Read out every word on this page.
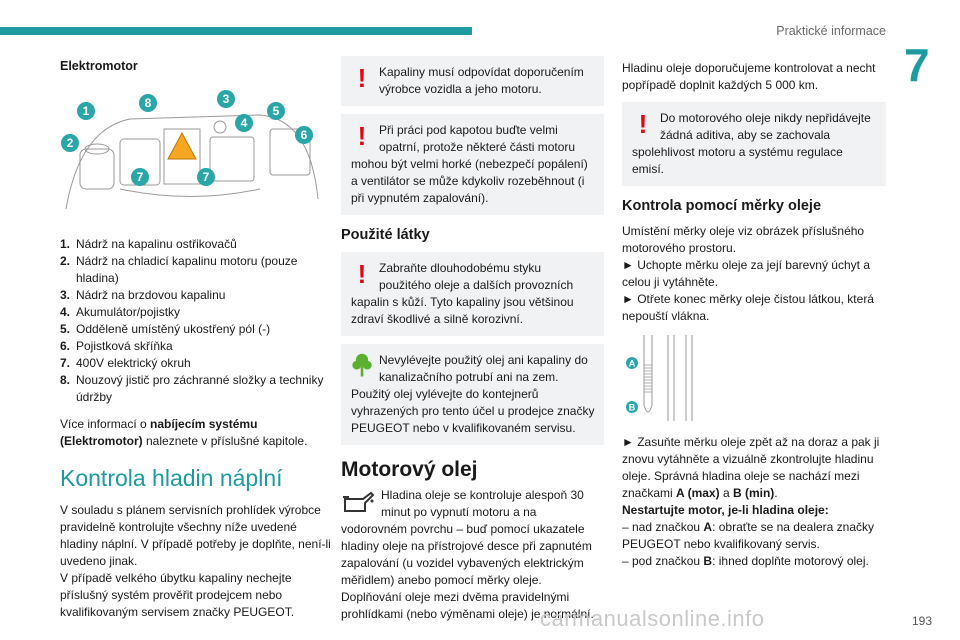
Praktické informace
7

Elektromotor

1
2
8	3
5
4
6
7	7
1. Nádrž na kapalinu ostřikovačů
2. Nádrž na chladicí kapalinu motoru (pouze hladina)
3. Nádrž na brzdovou kapalinu
4. Akumulátor/pojistky
5. Odděleně umístěný ukostřený pól (-)
6. Pojistková skříňka
7. 400V elektrický okruh
8. Nouzový jistič pro záchranné složky a techniky údržby

Více informací o nabíjecím systému (Elektromotor) naleznete v příslušné kapitole.

Kontrola hladin náplní

V souladu s plánem servisních prohlídek výrobce pravidelně kontrolujte všechny níže uvedené hladiny náplní. V případě potřeby je doplňte, není-li uvedeno jinak.

V případě velkého úbytku kapaliny nechejte příslušný systém prověřit prodejcem nebo kvalifikovaným servisem značky PEUGEOT.

!	Kapaliny musí odpovídat doporučením výrobce vozidla a jeho motoru.

!	Při práci pod kapotou buďte velmi opatrní, protože některé části motoru mohou být velmi horké (nebezpečí popálení) a ventilátor se může kdykoliv rozeběhnout (i při vypnutém zapalování).

Použité látky

!	Zabraňte dlouhodobému styku použitého oleje a dalších provozních kapalin s kůží. Tyto kapaliny jsou většinou zdraví škodlivé a silně korozivní.

Nevylévejte použitý olej ani kapaliny do kanalizačního potrubí ani na zem. Použitý olej vylévejte do kontejnerů vyhrazených pro tento účel u prodejce značky PEUGEOT nebo v kvalifikovaném servisu.

Motorový olej

Hladina oleje se kontroluje alespoň 30 minut po vypnutí motoru a na vodorovném povrchu – buď pomocí ukazatele hladiny oleje na přístrojové desce při zapnutém zapalování (u vozidel vybavených elektrickým měřidlem) anebo pomocí měrky oleje.

Doplňování oleje mezi dvěma pravidelnými prohlídkami (nebo výměnami oleje) je normální.

Hladinu oleje doporučujeme kontrolovat a necht popřípadě doplnit každých 5 000 km.

!	Do motorového oleje nikdy nepřidávejte žádná aditiva, aby se zachovala spolehlivost motoru a systému regulace emisí.

Kontrola pomocí měrky oleje

Umístění měrky oleje viz obrázek příslušného motorového prostoru.

► Uchopte měrku oleje za její barevný úchyt a celou ji vytáhněte.

► Otřete konec měrky oleje čistou látkou, která nepouští vlákna.

A
B

► Zasuňte měrku oleje zpět až na doraz a pak ji znovu vytáhněte a vizuálně zkontrolujte hladinu oleje. Správná hladina oleje se nachází mezi značkami A (max) a B (min).

Nestartujte motor, je-li hladina oleje:

– nad značkou A: obraťte se na dealera značky PEUGEOT nebo kvalifikovaný servis.

– pod značkou B: ihned doplňte motorový olej.

carmanualsonline.info	193
